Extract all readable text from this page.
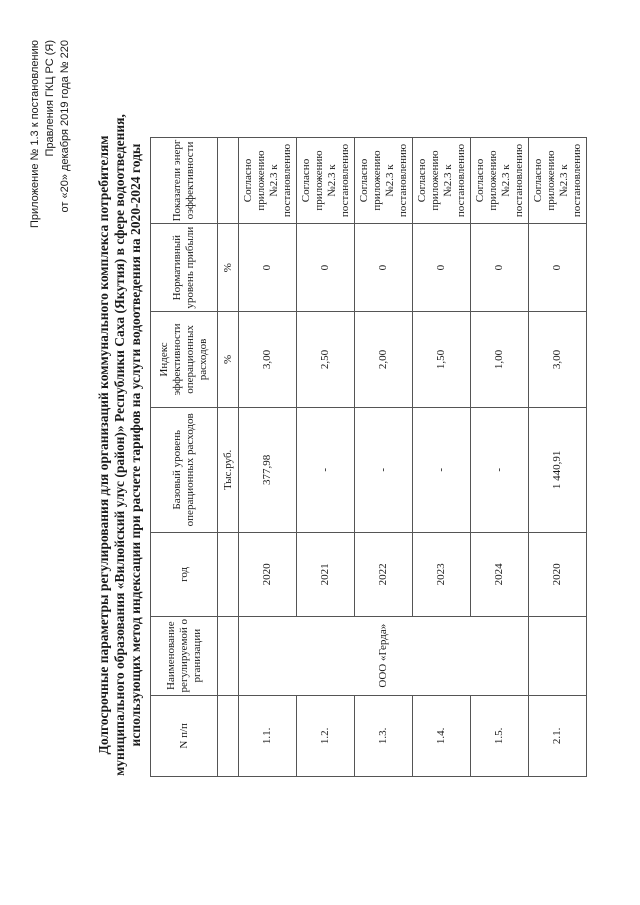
Приложение № 1.3 к постановлению Правления ГКЦ РС (Я) от «20» декабря 2019 года № 220
Долгосрочные параметры регулирования для организаций коммунального комплекса потребителям муниципального образования «Вилюйский улус (район)» Республики Саха (Якутия) в сфере водоотведения, использующих метод индексации при расчете тарифов на услуги водоотведения на 2020-2024 годы	N п/п	Наименование регулируемой организации	год	Базовый уровень операционных расходов	Индекс эффективности операционных расходов	Нормативный уровень прибыли	Показатели энергоэффективности

			Тыс.руб.	%	%	
1.1.	ООО «Герда»	2020	377,98	3,00	0	Согласно приложению №2.3 к постановлению
1.2.		2021	-	2,50	0	Согласно приложению №2.3 к постановлению
1.3.		2022	-	2,00	0	Согласно приложению №2.3 к постановлению
1.4.		2023	-	1,50	0	Согласно приложению №2.3 к постановлению
1.5.		2024	-	1,00	0	Согласно приложению №2.3 к постановлению
2.1.		2020	1 440,91	3,00	0	Согласно приложению №2.3 к постановлению
